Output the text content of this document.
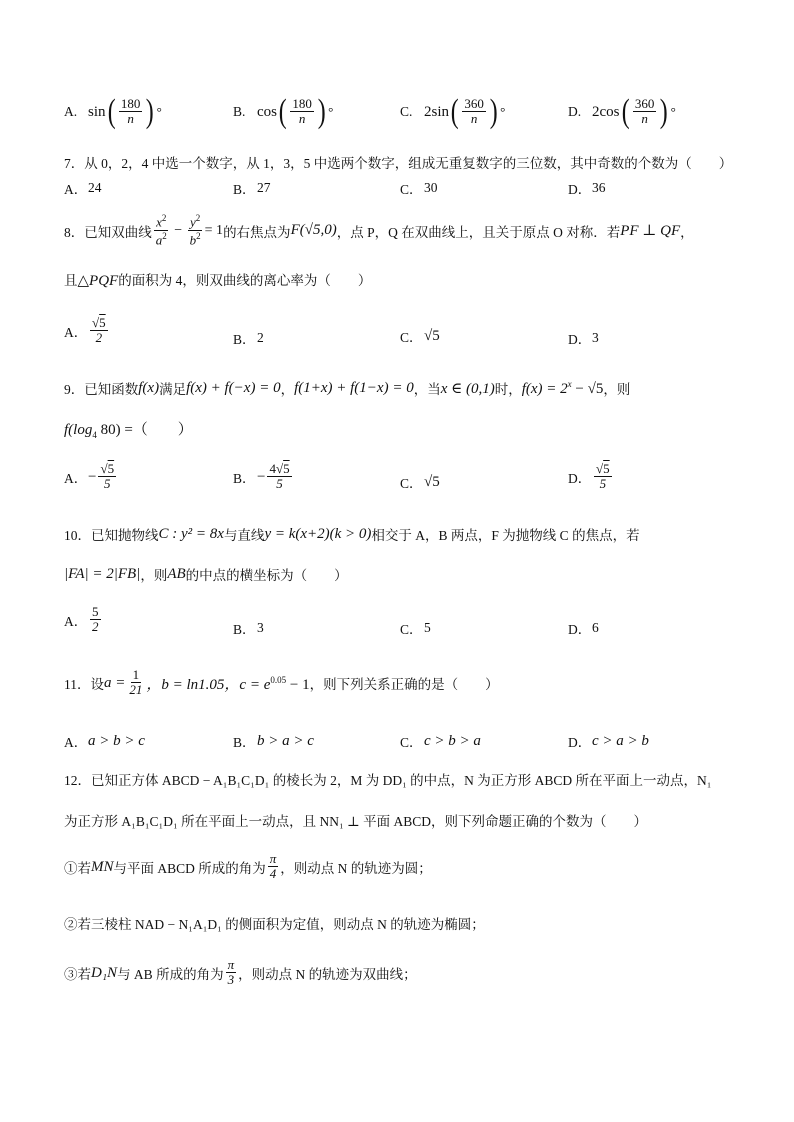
A. sin ( $\frac{180}{n}$ ) °	B. cos ( $\frac{180}{n}$ ) °	C. 2sin ( $\frac{360}{n}$ ) °	D. 2cos ( $\frac{360}{n}$ ) °
7．从 0，2，4 中选一个数字，从 1，3，5 中选两个数字，组成无重复数字的三位数，其中奇数的个数为（　　）
A． 24	B． 27	C． 30	D． 36
8．已知双曲线 $\frac{x^2}{a^2} - \frac{y^2}{b^2} = 1$ 的右焦点为 F(√5,0) ，点 P，Q 在双曲线上，且关于原点 O 对称．若 PF ⊥ QF ，
且△PQF的面积为 4，则双曲线的离心率为（　　）
A． $\frac{√5}{2}$	B． 2	C． √5	D． 3
9．已知函数 f(x) 满足 f(x) + f(−x) = 0 ， f(1+x) + f(1−x) = 0 ，当 x ∈ (0,1) 时， $f(x) = 2^x - √5$ ，则
$f(\log_4$ 80) =（　　）
A． − $\frac{√5}{5}$	B． − $\frac{4√5}{5}$	C． √5	D． $\frac{√5}{5}$
10．已知抛物线 C : y² = 8x 与直线 y = k(x+2)(k > 0) 相交于 A，B 两点，F 为抛物线 C 的焦点，若
|FA| = 2|FB| ，则 AB 的中点的横坐标为（　　）
A． $\frac{5}{2}$	B． 3	C． 5	D． 6
11．设 $a = \frac{1}{21}$ ，b = ln1.05，$c = e^{0.05} - 1$ ，则下列关系正确的是（　　）
A． a > b > c	B． b > a > c	C． c > b > a	D． c > a > b
12．已知正方体 ABCD − A₁B₁C₁D₁ 的棱长为 2，M 为 DD₁ 的中点，N 为正方形 ABCD 所在平面上一动点，N₁
为正方形 A₁B₁C₁D₁ 所在平面上一动点，且 NN₁ ⊥ 平面 ABCD，则下列命题正确的个数为（　　）
①若 MN 与平面 ABCD 所成的角为 $\frac{\pi}{4}$ ，则动点 N 的轨迹为圆；
②若三棱柱 NAD − N₁A₁D₁ 的侧面积为定值，则动点 N 的轨迹为椭圆；
③若 D₁N 与 AB 所成的角为 $\frac{\pi}{3}$ ，则动点 N 的轨迹为双曲线；
